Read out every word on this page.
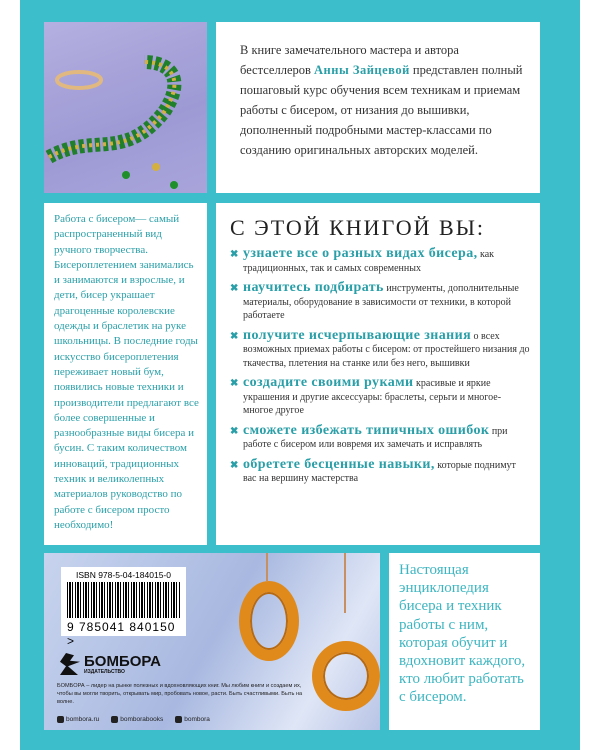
В книге замечательного мастера и автора бестселлеров Анны Зайцевой представлен полный пошаговый курс обучения всем техникам и приемам работы с бисером, от низания до вышивки, дополненный подробными мастер-классами по созданию оригинальных авторских моделей.

Работа с бисером— самый распространенный вид ручного творчества. Бисероплетением занимались и занимаются и взрослые, и дети, бисер украшает драгоценные королевские одежды и браслетик на руке школьницы. В последние годы искусство бисероплетения переживает новый бум, появились новые техники и производители предлагают все более совершенные и разнообразные виды бисера и бусин. С таким количеством инноваций, традиционных техник и великолепных материалов руководство по работе с бисером просто необходимо!

С ЭТОЙ КНИГОЙ ВЫ:
✖ узнаете все о разных видах бисера, как традиционных, так и самых современных
✖ научитесь подбирать инструменты, дополнительные материалы, оборудование в зависимости от техники, в которой работаете
✖ получите исчерпывающие знания о всех возможных приемах работы с бисером: от простейшего низания до ткачества, плетения на станке или без него, вышивки
✖ создадите своими руками красивые и яркие украшения и другие аксессуары: браслеты, серьги и многое-многое другое
✖ сможете избежать типичных ошибок при работе с бисером или вовремя их замечать и исправлять
✖ обретете бесценные навыки, которые поднимут вас на вершину мастерства
ISBN 978-5-04-184015-0
9 785041 840150 >
БОМБОРА
ИЗДАТЕЛЬСТВО
БОМБОРА – лидер на рынке полезных и вдохновляющих книг. Мы любим книги и создаем их, чтобы вы могли творить, открывать мир, пробовать новое, расти. Быть счастливыми. Быть на волне.
bombora.ru	bomborabooks	bombora

Настоящая энциклопедия бисера и техник работы с ним, которая обучит и вдохновит каждого, кто любит работать с бисером.
